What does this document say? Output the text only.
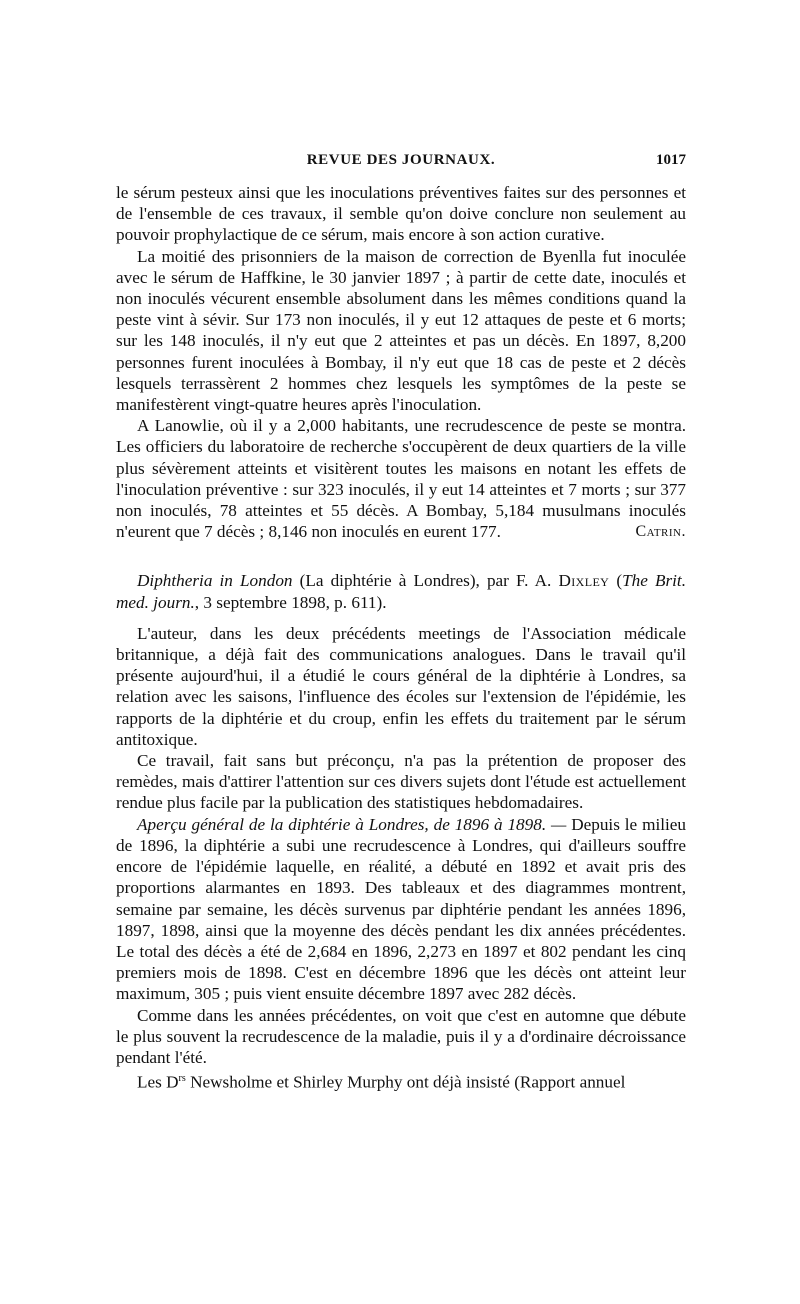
REVUE DES JOURNAUX.	1017

le sérum pesteux ainsi que les inoculations préventives faites sur des personnes et de l'ensemble de ces travaux, il semble qu'on doive conclure non seulement au pouvoir prophylactique de ce sérum, mais encore à son action curative.

La moitié des prisonniers de la maison de correction de Byenlla fut inoculée avec le sérum de Haffkine, le 30 janvier 1897 ; à partir de cette date, inoculés et non inoculés vécurent ensemble absolument dans les mêmes conditions quand la peste vint à sévir. Sur 173 non inoculés, il y eut 12 attaques de peste et 6 morts; sur les 148 inoculés, il n'y eut que 2 atteintes et pas un décès. En 1897, 8,200 personnes furent inoculées à Bombay, il n'y eut que 18 cas de peste et 2 décès lesquels terrassèrent 2 hommes chez lesquels les symptômes de la peste se manifestèrent vingt-quatre heures après l'inoculation.

A Lanowlie, où il y a 2,000 habitants, une recrudescence de peste se montra. Les officiers du laboratoire de recherche s'occupèrent de deux quartiers de la ville plus sévèrement atteints et visitèrent toutes les maisons en notant les effets de l'inoculation préventive : sur 323 inoculés, il y eut 14 atteintes et 7 morts ; sur 377 non inoculés, 78 atteintes et 55 décès. A Bombay, 5,184 musulmans inoculés n'eurent que 7 décès ; 8,146 non inoculés en eurent 177.	Catrin.

Diphtheria in London (La diphtérie à Londres), par F. A. Dixley (The Brit. med. journ., 3 septembre 1898, p. 611).

L'auteur, dans les deux précédents meetings de l'Association médicale britannique, a déjà fait des communications analogues. Dans le travail qu'il présente aujourd'hui, il a étudié le cours général de la diphtérie à Londres, sa relation avec les saisons, l'influence des écoles sur l'extension de l'épidémie, les rapports de la diphtérie et du croup, enfin les effets du traitement par le sérum antitoxique.

Ce travail, fait sans but préconçu, n'a pas la prétention de proposer des remèdes, mais d'attirer l'attention sur ces divers sujets dont l'étude est actuellement rendue plus facile par la publication des statistiques hebdomadaires.

Aperçu général de la diphtérie à Londres, de 1896 à 1898. — Depuis le milieu de 1896, la diphtérie a subi une recrudescence à Londres, qui d'ailleurs souffre encore de l'épidémie laquelle, en réalité, a débuté en 1892 et avait pris des proportions alarmantes en 1893. Des tableaux et des diagrammes montrent, semaine par semaine, les décès survenus par diphtérie pendant les années 1896, 1897, 1898, ainsi que la moyenne des décès pendant les dix années précédentes. Le total des décès a été de 2,684 en 1896, 2,273 en 1897 et 802 pendant les cinq premiers mois de 1898. C'est en décembre 1896 que les décès ont atteint leur maximum, 305 ; puis vient ensuite décembre 1897 avec 282 décès.

Comme dans les années précédentes, on voit que c'est en automne que débute le plus souvent la recrudescence de la maladie, puis il y a d'ordinaire décroissance pendant l'été.

Les $D^{rs}$ Newsholme et Shirley Murphy ont déjà insisté (Rapport annuel
